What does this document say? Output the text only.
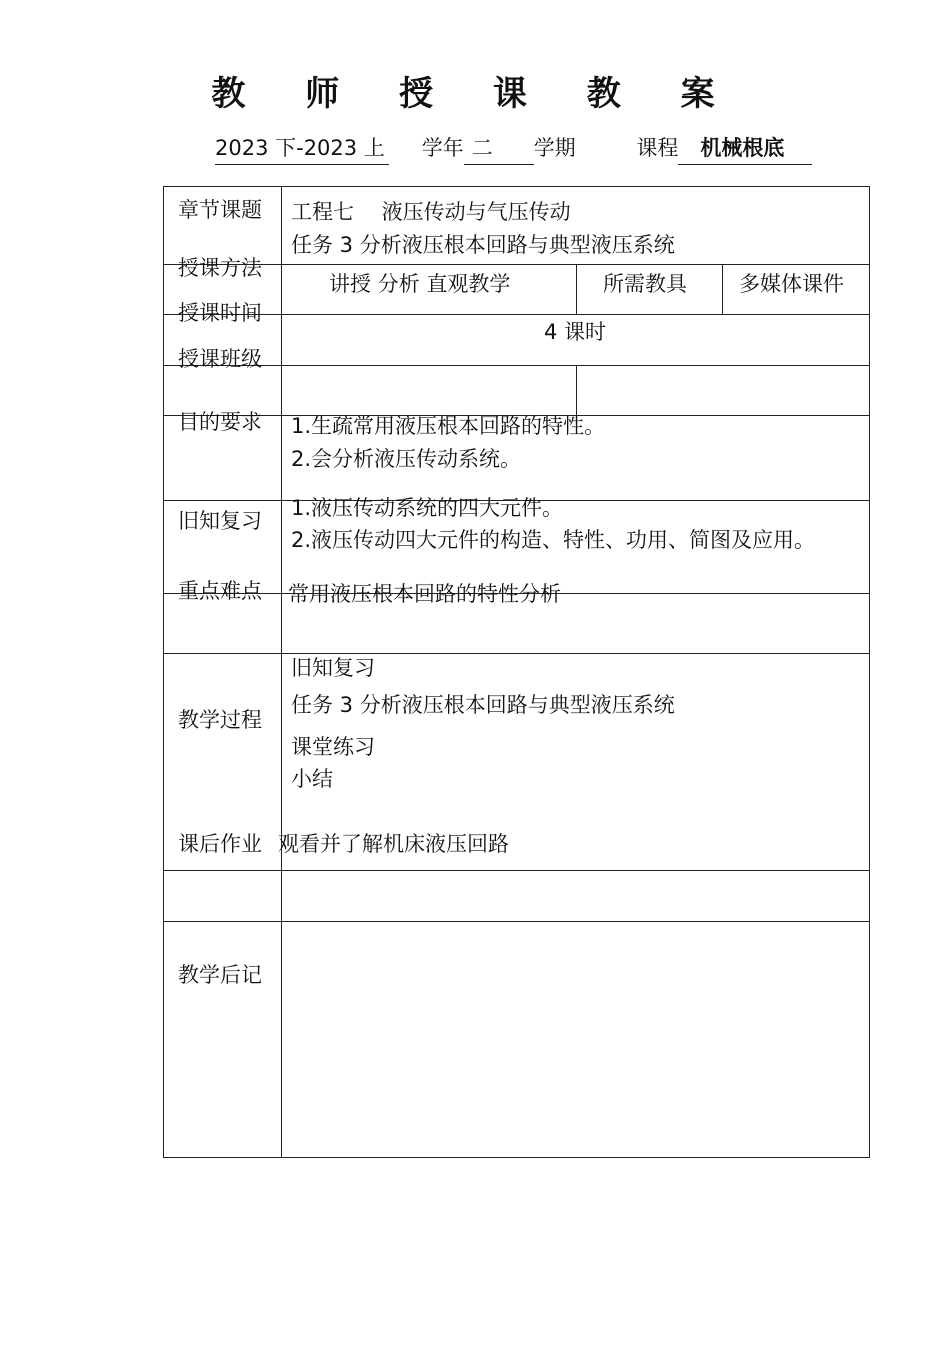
教 师 授 课 教 案
2023 下-2023 上 学年 二 学期	课程 机械根底
章节课题
授课方法
授课时间
授课班级
目的要求
旧知复习
重点难点
教学过程
课后作业
教学后记
工程七　 液压传动与气压传动
任务 3 分析液压根本回路与典型液压系统
讲授 分析 直观教学	所需教具 多媒体课件
4 课时
1.生疏常用液压根本回路的特性。
2.会分析液压传动系统。
1.液压传动系统的四大元件。
2.液压传动四大元件的构造、特性、功用、简图及应用。
常用液压根本回路的特性分析
旧知复习
任务 3 分析液压根本回路与典型液压系统
课堂练习
小结
观看并了解机床液压回路
